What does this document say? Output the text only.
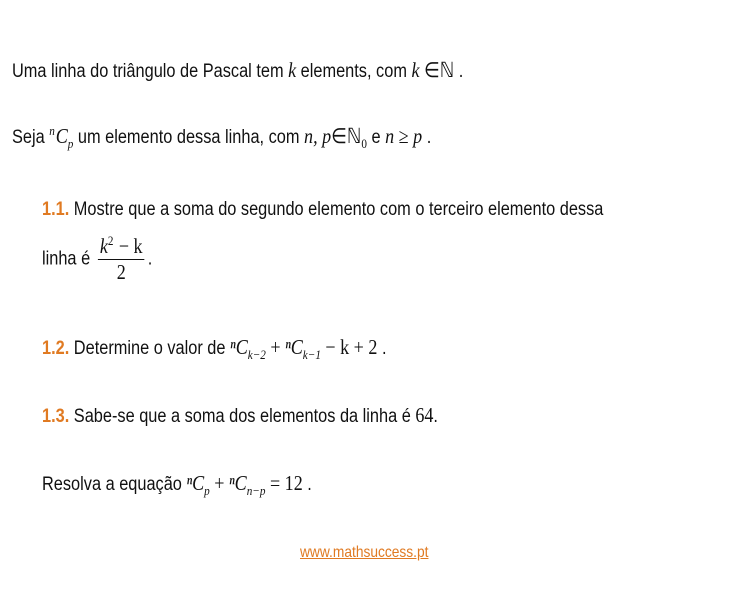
Uma linha do triângulo de Pascal tem k elements, com k ∈ℕ .
Seja $^nC_p$ um elemento dessa linha, com n, p∈ℕ$_0$ e n ≥ p .
1.1. Mostre que a soma do segundo elemento com o terceiro elemento dessa
linha é $\frac{k^2 - k}{2}$ .
1.2. Determine o valor de ⁿC$_{k-2}$ + ⁿC$_{k-1}$ − k + 2 .
1.3. Sabe-se que a soma dos elementos da linha é 64.
Resolva a equação ⁿC$_p$ + ⁿC$_{n-p}$ = 12 .
www.mathsuccess.pt
